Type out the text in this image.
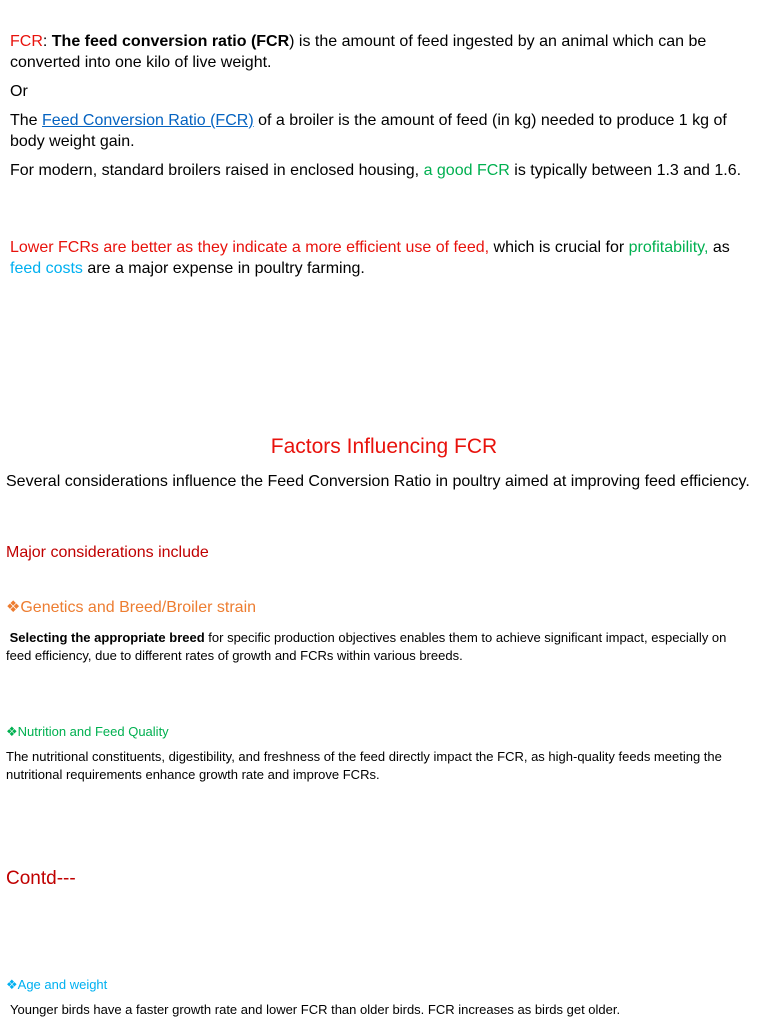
FCR: The feed conversion ratio (FCR) is the amount of feed ingested by an animal which can be converted into one kilo of live weight.
Or
The Feed Conversion Ratio (FCR) of a broiler is the amount of feed (in kg) needed to produce 1 kg of body weight gain.
For modern, standard broilers raised in enclosed housing, a good FCR is typically between 1.3 and 1.6.
Lower FCRs are better as they indicate a more efficient use of feed, which is crucial for profitability, as feed costs are a major expense in poultry farming.
Factors Influencing FCR
Several considerations influence the Feed Conversion Ratio in poultry aimed at improving feed efficiency.
Major considerations include
❖Genetics and Breed/Broiler strain
Selecting the appropriate breed for specific production objectives enables them to achieve significant impact, especially on feed efficiency, due to different rates of growth and FCRs within various breeds.
❖Nutrition and Feed Quality
The nutritional constituents, digestibility, and freshness of the feed directly impact the FCR, as high-quality feeds meeting the nutritional requirements enhance growth rate and improve FCRs.
Contd---
❖Age and weight
Younger birds have a faster growth rate and lower FCR than older birds. FCR increases as birds get older.
